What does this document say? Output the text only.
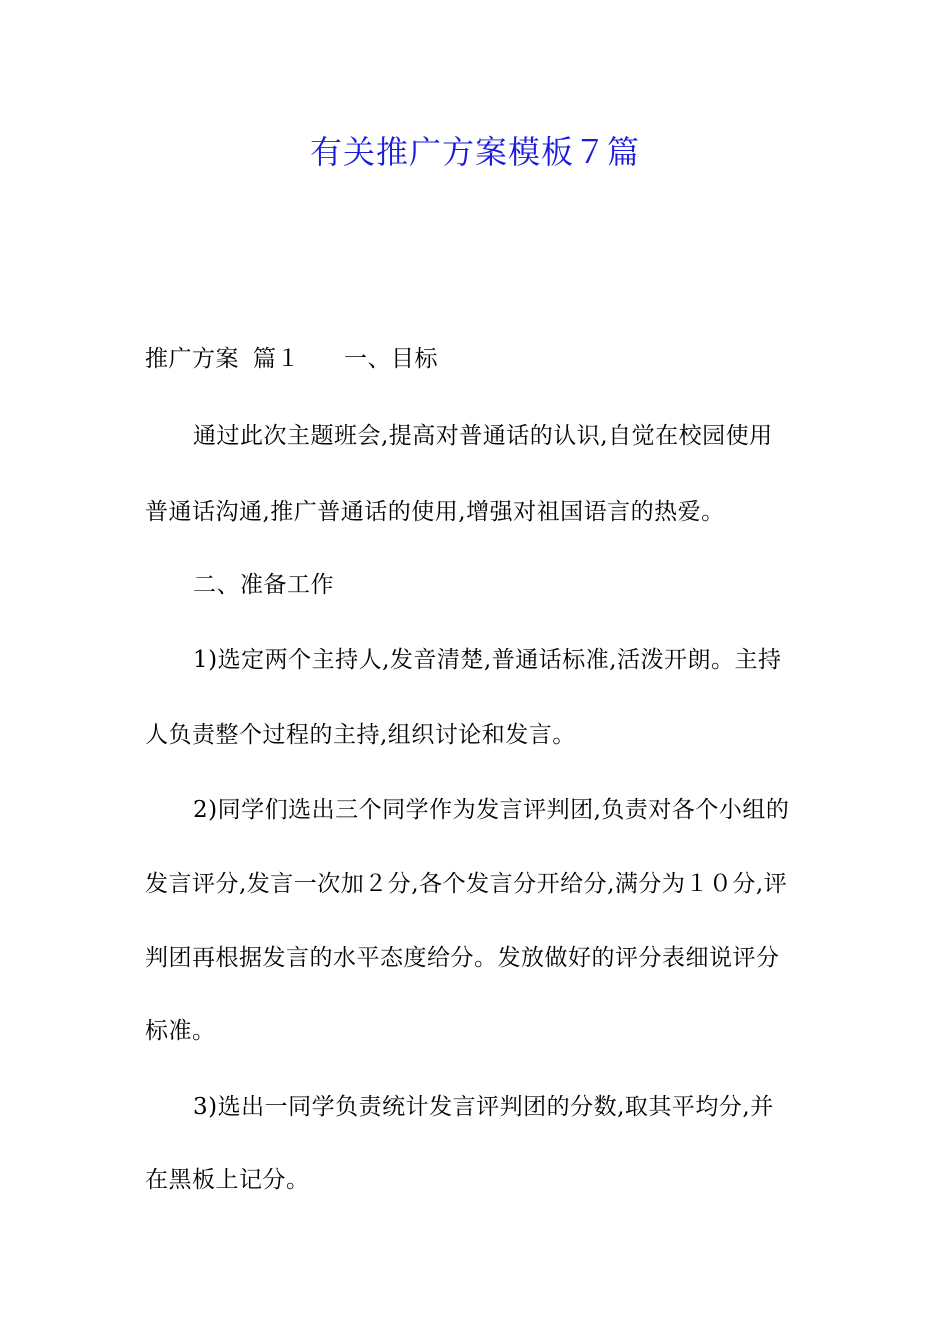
有关推广方案模板７篇
推广方案 篇１ 一、目标
通过此次主题班会,提高对普通话的认识,自觉在校园使用
普通话沟通,推广普通话的使用,增强对祖国语言的热爱。
二、准备工作
1)选定两个主持人,发音清楚,普通话标准,活泼开朗。主持
人负责整个过程的主持,组织讨论和发言。
2)同学们选出三个同学作为发言评判团,负责对各个小组的
发言评分,发言一次加２分,各个发言分开给分,满分为１０分,评
判团再根据发言的水平态度给分。发放做好的评分表细说评分
标准。
3)选出一同学负责统计发言评判团的分数,取其平均分,并
在黑板上记分。
